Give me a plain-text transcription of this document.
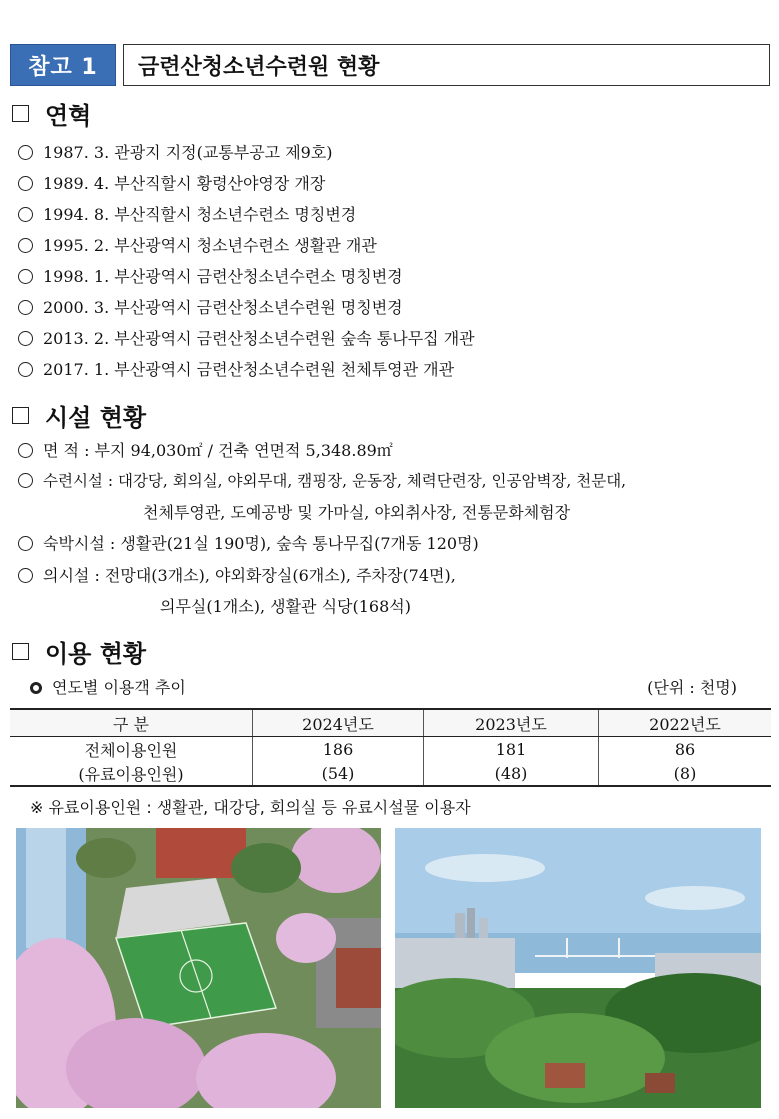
참고 1	금련산청소년수련원 현황
연혁
1987. 3. 관광지 지정(교통부공고 제9호)
1989. 4. 부산직할시 황령산야영장 개장
1994. 8. 부산직할시 청소년수련소 명칭변경
1995. 2. 부산광역시 청소년수련소 생활관 개관
1998. 1. 부산광역시 금련산청소년수련소 명칭변경
2000. 3. 부산광역시 금련산청소년수련원 명칭변경
2013. 2. 부산광역시 금련산청소년수련원 숲속 통나무집 개관
2017. 1. 부산광역시 금련산청소년수련원 천체투영관 개관
시설 현황
면 적 : 부지 94,030㎡ / 건축 연면적 5,348.89㎡
수련시설 : 대강당, 회의실, 야외무대, 캠핑장, 운동장, 체력단련장, 인공암벽장, 천문대,
천체투영관, 도예공방 및 가마실, 야외취사장, 전통문화체험장
숙박시설 : 생활관(21실 190명), 숲속 통나무집(7개동 120명)
의시설 : 전망대(3개소), 야외화장실(6개소), 주차장(74면),
의무실(1개소), 생활관 식당(168석)
이용 현황
연도별 이용객 추이	(단위 : 천명)
구 분	2024년도	2023년도	2022년도
전체이용인원	186	181	86
(유료이용인원)	(54)	(48)	(8)
※ 유료이용인원 : 생활관, 대강당, 회의실 등 유료시설물 이용자
